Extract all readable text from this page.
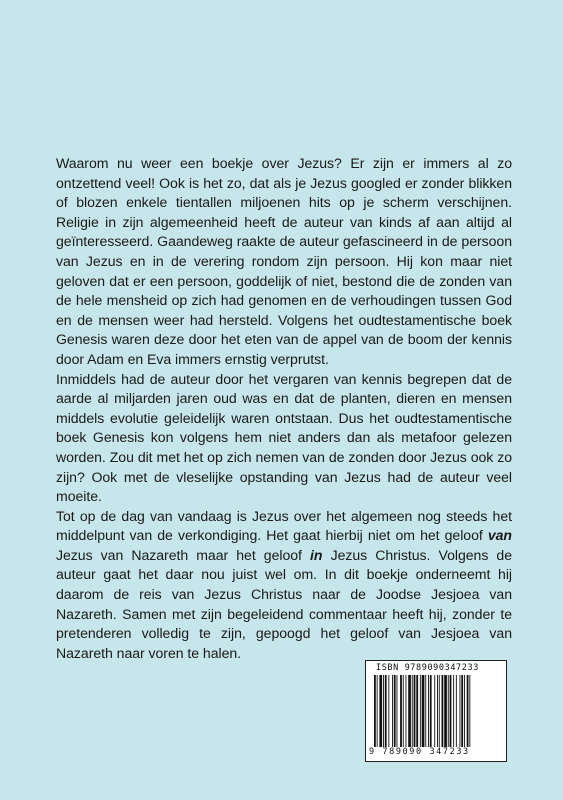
Waarom nu weer een boekje over Jezus? Er zijn er immers al zo ontzettend veel! Ook is het zo, dat als je Jezus googled er zonder blikken of blozen enkele tientallen miljoenen hits op je scherm verschijnen. Religie in zijn algemeenheid heeft de auteur van kinds af aan altijd al geïnteresseerd. Gaandeweg raakte de auteur gefascineerd in de persoon van Jezus en in de verering rondom zijn persoon. Hij kon maar niet geloven dat er een persoon, goddelijk of niet, bestond die de zonden van de hele mensheid op zich had genomen en de verhoudingen tussen God en de mensen weer had hersteld. Volgens het oudtestamentische boek Genesis waren deze door het eten van de appel van de boom der kennis door Adam en Eva immers ernstig verprutst.

Inmiddels had de auteur door het vergaren van kennis begrepen dat de aarde al miljarden jaren oud was en dat de planten, dieren en mensen middels evolutie geleidelijk waren ontstaan. Dus het oudtestamentische boek Genesis kon volgens hem niet anders dan als metafoor gelezen worden. Zou dit met het op zich nemen van de zonden door Jezus ook zo zijn? Ook met de vleselijke opstanding van Jezus had de auteur veel moeite.

Tot op de dag van vandaag is Jezus over het algemeen nog steeds het middelpunt van de verkondiging. Het gaat hierbij niet om het geloof van Jezus van Nazareth maar het geloof in Jezus Christus. Volgens de auteur gaat het daar nou juist wel om. In dit boekje onderneemt hij daarom de reis van Jezus Christus naar de Joodse Jesjoea van Nazareth. Samen met zijn begeleidend commentaar heeft hij, zonder te pretenderen volledig te zijn, gepoogd het geloof van Jesjoea van Nazareth naar voren te halen.

ISBN 9789090347233
9 789090 347233
